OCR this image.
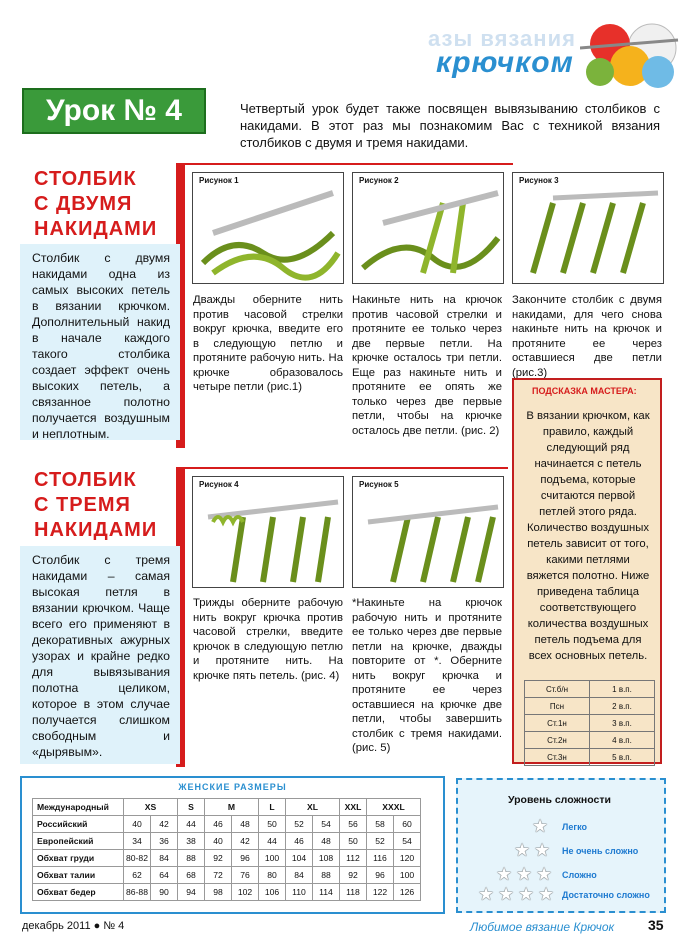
азы вязания
крючком
Урок № 4	Четвертый урок будет также посвящен вывязыванию столбиков с накидами. В этот раз мы познакомим Вас с техникой вязания столбиков с двумя и тремя накидами.
СТОЛБИК
С ДВУМЯ
НАКИДАМИ
Столбик с двумя накидами одна из самых высоких петель в вязании крючком. Дополнительный накид в начале каждого такого столбика создает эффект очень высоких петель, а связанное полотно получается воздушным и неплотным.
Рисунок 1	Рисунок 2	Рисунок 3
Дважды оберните нить против часовой стрелки вокруг крючка, введите его в следующую петлю и протяните рабочую нить. На крючке образовалось четыре петли (рис.1)
Накиньте нить на крючок против часовой стрелки и протяните ее только через две первые петли. На крючке осталось три петли. Еще раз накиньте нить и протяните ее опять же только через две первые петли, чтобы на крючке осталось две петли. (рис. 2)
Закончите столбик с двумя накидами, для чего снова накиньте нить на крючок и протяните ее через оставшиеся две петли (рис.3)
СТОЛБИК
С ТРЕМЯ
НАКИДАМИ
Столбик с тремя накидами – самая высокая петля в вязании крючком. Чаще всего его применяют в декоративных ажурных узорах и крайне редко для вывязывания полотна целиком, которое в этом случае получается слишком свободным и «дырявым».
Рисунок 4	Рисунок 5
Трижды оберните рабочую нить вокруг крючка против часовой стрелки, введите крючок в следующую петлю и протяните нить. На крючке пять петель. (рис. 4)
*Накиньте на крючок рабочую нить и протяните ее только через две первые петли на крючке, дважды повторите от *. Оберните нить вокруг крючка и протяните ее через оставшиеся на крючке две петли, чтобы завершить столбик с тремя накидами. (рис. 5)
ПОДСКАЗКА МАСТЕРА:
В вязании крючком, как правило, каждый следующий ряд начинается с петель подъема, которые считаются первой петлей этого ряда. Количество воздушных петель зависит от того, какими петлями вяжется полотно. Ниже приведена таблица соответствующего количества воздушных петель подъема для всех основных петель.
Ст.б/н	1 в.п.
Псн	2 в.п.
Ст.1н	3 в.п.
Ст.2н	4 в.п.
Ст.3н	5 в.п.
ЖЕНСКИЕ РАЗМЕРЫ
Международный	XS		S	M		L	XL		XXL	XXXL	
Российский	40	42	44	46	48	50	52	54	56	58	60
Европейский	34	36	38	40	42	44	46	48	50	52	54
Обхват груди	80-82	84	88	92	96	100	104	108	112	116	120
Обхват талии	62	64	68	72	76	80	84	88	92	96	100
Обхват бедер	86-88	90	94	98	102	106	110	114	118	122	126
Уровень сложности
★ Легко
★ ★ Не очень сложно
★ ★ ★ Сложно
★ ★ ★ ★ Достаточно сложно
декабрь 2011 ● № 4	Любимое вязание Крючок 35
